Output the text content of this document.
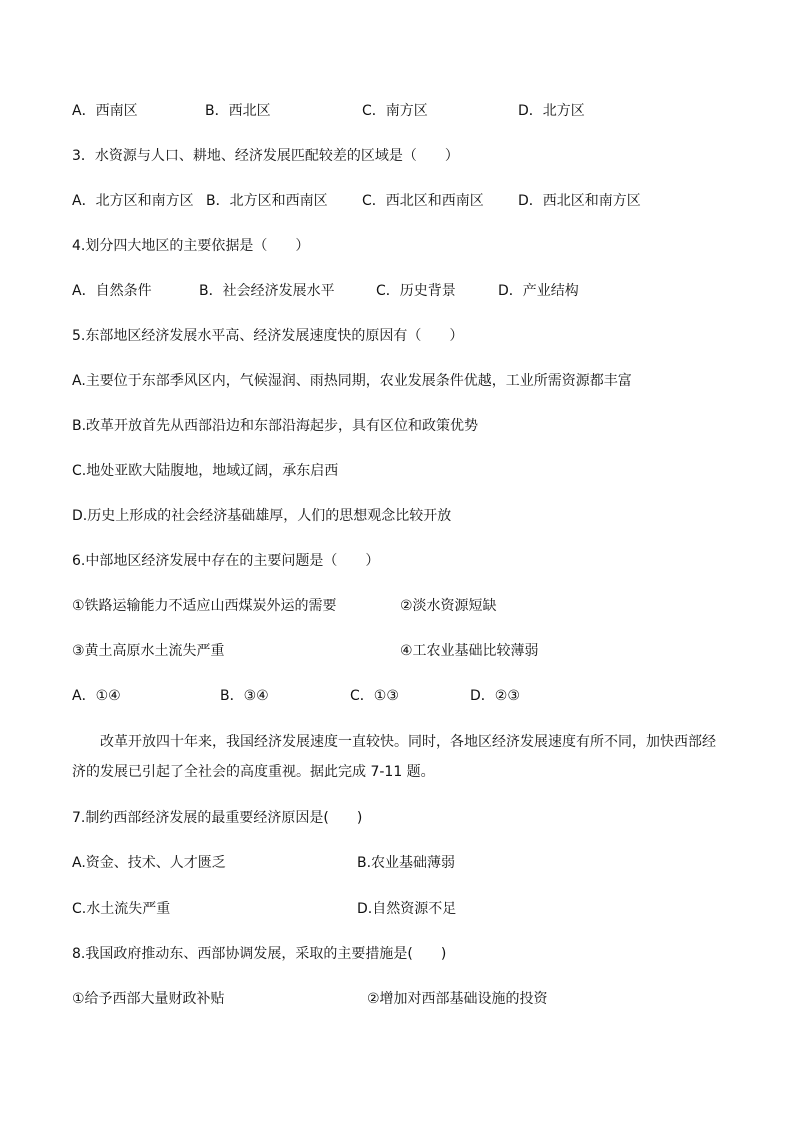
A．西南区	B．西北区	C．南方区	D．北方区
3．水资源与人口、耕地、经济发展匹配较差的区域是（　　）
A．北方区和南方区 B．北方区和西南区 C．西北区和西南区 D．西北区和南方区
4.划分四大地区的主要依据是（　　）
A．自然条件	B．社会经济发展水平	C．历史背景	D．产业结构
5.东部地区经济发展水平高、经济发展速度快的原因有（　　）
A.主要位于东部季风区内，气候湿润、雨热同期，农业发展条件优越，工业所需资源都丰富
B.改革开放首先从西部沿边和东部沿海起步，具有区位和政策优势
C.地处亚欧大陆腹地，地域辽阔，承东启西
D.历史上形成的社会经济基础雄厚，人们的思想观念比较开放
6.中部地区经济发展中存在的主要问题是（　　）
①铁路运输能力不适应山西煤炭外运的需要	②淡水资源短缺
③黄土高原水土流失严重	④工农业基础比较薄弱
A．①④	B．③④	C．①③	D．②③
改革开放四十年来，我国经济发展速度一直较快。同时，各地区经济发展速度有所不同，加快西部经济的发展已引起了全社会的高度重视。据此完成 7-11 题。
7.制约西部经济发展的最重要经济原因是(　　)
A.资金、技术、人才匮乏	B.农业基础薄弱
C.水土流失严重	D.自然资源不足
8.我国政府推动东、西部协调发展，采取的主要措施是(　　)
①给予西部大量财政补贴	②增加对西部基础设施的投资
